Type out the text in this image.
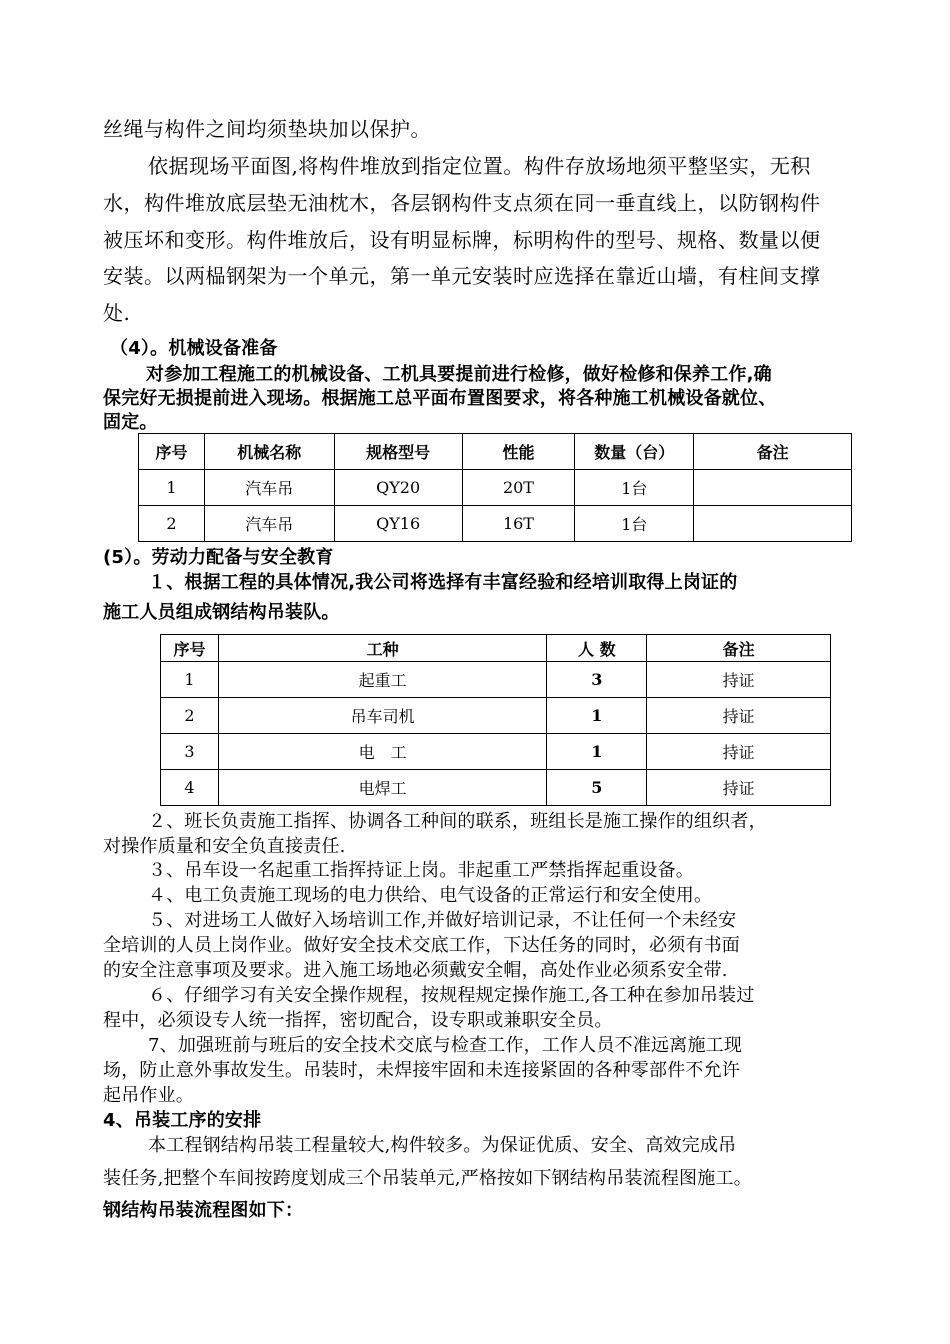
丝绳与构件之间均须垫块加以保护。

依据现场平面图,将构件堆放到指定位置。构件存放场地须平整坚实，无积

水，构件堆放底层垫无油枕木，各层钢构件支点须在同一垂直线上，以防钢构件

被压坏和变形。构件堆放后，设有明显标牌，标明构件的型号、规格、数量以便

安装。以两榀钢架为一个单元，第一单元安装时应选择在靠近山墙，有柱间支撑

处.

（4）。机械设备准备

对参加工程施工的机械设备、工机具要提前进行检修，做好检修和保养工作,确

保完好无损提前进入现场。根据施工总平面布置图要求，将各种施工机械设备就位、

固定。

序号	机械名称	规格型号	性能	数量（台）	备注
1	汽车吊	QY20	20T	1台	
2	汽车吊	QY16	16T	1台	

(5）。劳动力配备与安全教育

１、根据工程的具体情况,我公司将选择有丰富经验和经培训取得上岗证的

施工人员组成钢结构吊装队。

序号	工种	人 数	备注
1	起重工	3	持证
2	吊车司机	1	持证
3	电　工	1	持证
4	电焊工	5	持证

２、班长负责施工指挥、协调各工种间的联系，班组长是施工操作的组织者，

对操作质量和安全负直接责任.

３、吊车设一名起重工指挥持证上岗。非起重工严禁指挥起重设备。

４、电工负责施工现场的电力供给、电气设备的正常运行和安全使用。

５、对进场工人做好入场培训工作,并做好培训记录，不让任何一个未经安

全培训的人员上岗作业。做好安全技术交底工作，下达任务的同时，必须有书面

的安全注意事项及要求。进入施工场地必须戴安全帽，高处作业必须系安全带.

６、仔细学习有关安全操作规程，按规程规定操作施工,各工种在参加吊装过

程中，必须设专人统一指挥，密切配合，设专职或兼职安全员。

7、加强班前与班后的安全技术交底与检查工作，工作人员不准远离施工现

场，防止意外事故发生。吊装时，未焊接牢固和未连接紧固的各种零部件不允许

起吊作业。

4、吊装工序的安排

本工程钢结构吊装工程量较大,构件较多。为保证优质、安全、高效完成吊

装任务,把整个车间按跨度划成三个吊装单元,严格按如下钢结构吊装流程图施工。

钢结构吊装流程图如下：
